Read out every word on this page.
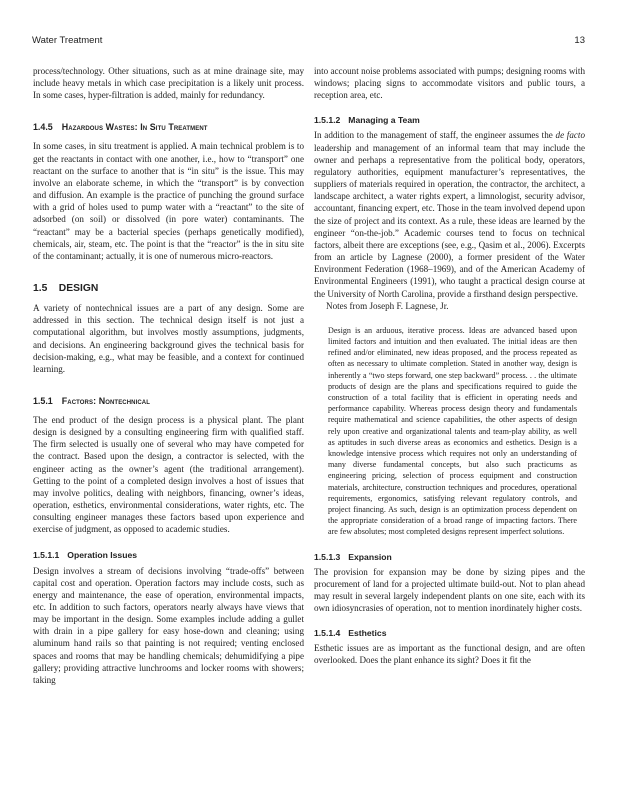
Water Treatment	13

process/technology. Other situations, such as at mine drainage site, may include heavy metals in which case precipitation is a likely unit process. In some cases, hyper-filtration is added, mainly for redundancy.

1.4.5 Hazardous Wastes: In Situ Treatment

In some cases, in situ treatment is applied. A main technical problem is to get the reactants in contact with one another, i.e., how to “transport” one reactant on the surface to another that is “in situ” is the issue. This may involve an elaborate scheme, in which the “transport” is by convection and diffusion. An example is the practice of punching the ground surface with a grid of holes used to pump water with a “reactant” to the site of adsorbed (on soil) or dissolved (in pore water) contaminants. The “reactant” may be a bacterial species (perhaps genetically modified), chemicals, air, steam, etc. The point is that the “reactor” is the in situ site of the contaminant; actually, it is one of numerous micro-reactors.

1.5 DESIGN

A variety of nontechnical issues are a part of any design. Some are addressed in this section. The technical design itself is not just a computational algorithm, but involves mostly assumptions, judgments, and decisions. An engineering background gives the technical basis for decision-making, e.g., what may be feasible, and a context for continued learning.

1.5.1 Factors: Nontechnical

The end product of the design process is a physical plant. The plant design is designed by a consulting engineering firm with qualified staff. The firm selected is usually one of several who may have competed for the contract. Based upon the design, a contractor is selected, with the engineer acting as the owner’s agent (the traditional arrangement). Getting to the point of a completed design involves a host of issues that may involve politics, dealing with neighbors, financing, owner’s ideas, operation, esthetics, environmental considerations, water rights, etc. The consulting engineer manages these factors based upon experience and exercise of judgment, as opposed to academic studies.

1.5.1.1 Operation Issues

Design involves a stream of decisions involving “trade-offs” between capital cost and operation. Operation factors may include costs, such as energy and maintenance, the ease of operation, environmental impacts, etc. In addition to such factors, operators nearly always have views that may be important in the design. Some examples include adding a gullet with drain in a pipe gallery for easy hose-down and cleaning; using aluminum hand rails so that painting is not required; venting enclosed spaces and rooms that may be handling chemicals; dehumidifying a pipe gallery; providing attractive lunchrooms and locker rooms with showers; taking

into account noise problems associated with pumps; designing rooms with windows; placing signs to accommodate visitors and public tours, a reception area, etc.

1.5.1.2 Managing a Team

In addition to the management of staff, the engineer assumes the de facto leadership and management of an informal team that may include the owner and perhaps a representative from the political body, operators, regulatory authorities, equipment manufacturer’s representatives, the suppliers of materials required in operation, the contractor, the architect, a landscape architect, a water rights expert, a limnologist, security advisor, accountant, financing expert, etc. Those in the team involved depend upon the size of project and its context. As a rule, these ideas are learned by the engineer “on-the-job.” Academic courses tend to focus on technical factors, albeit there are exceptions (see, e.g., Qasim et al., 2006). Excerpts from an article by Lagnese (2000), a former president of the Water Environment Federation (1968–1969), and of the American Academy of Environmental Engineers (1991), who taught a practical design course at the University of North Carolina, provide a firsthand design perspective.

Notes from Joseph F. Lagnese, Jr.

Design is an arduous, iterative process. Ideas are advanced based upon limited factors and intuition and then evaluated. The initial ideas are then refined and/or eliminated, new ideas proposed, and the process repeated as often as necessary to ultimate completion. Stated in another way, design is inherently a “two steps forward, one step backward” process. . . the ultimate products of design are the plans and specifications required to guide the construction of a total facility that is efficient in operating needs and performance capability. Whereas process design theory and fundamentals require mathematical and science capabilities, the other aspects of design rely upon creative and organizational talents and team-play ability, as well as aptitudes in such diverse areas as economics and esthetics. Design is a knowledge intensive process which requires not only an understanding of many diverse fundamental concepts, but also such practicums as engineering pricing, selection of process equipment and construction materials, architecture, construction techniques and procedures, operational requirements, ergonomics, satisfying relevant regulatory controls, and project financing. As such, design is an optimization process dependent on the appropriate consideration of a broad range of impacting factors. There are few absolutes; most completed designs represent imperfect solutions.

1.5.1.3 Expansion

The provision for expansion may be done by sizing pipes and the procurement of land for a projected ultimate build-out. Not to plan ahead may result in several largely independent plants on one site, each with its own idiosyncrasies of operation, not to mention inordinately higher costs.

1.5.1.4 Esthetics

Esthetic issues are as important as the functional design, and are often overlooked. Does the plant enhance its sight? Does it fit the
